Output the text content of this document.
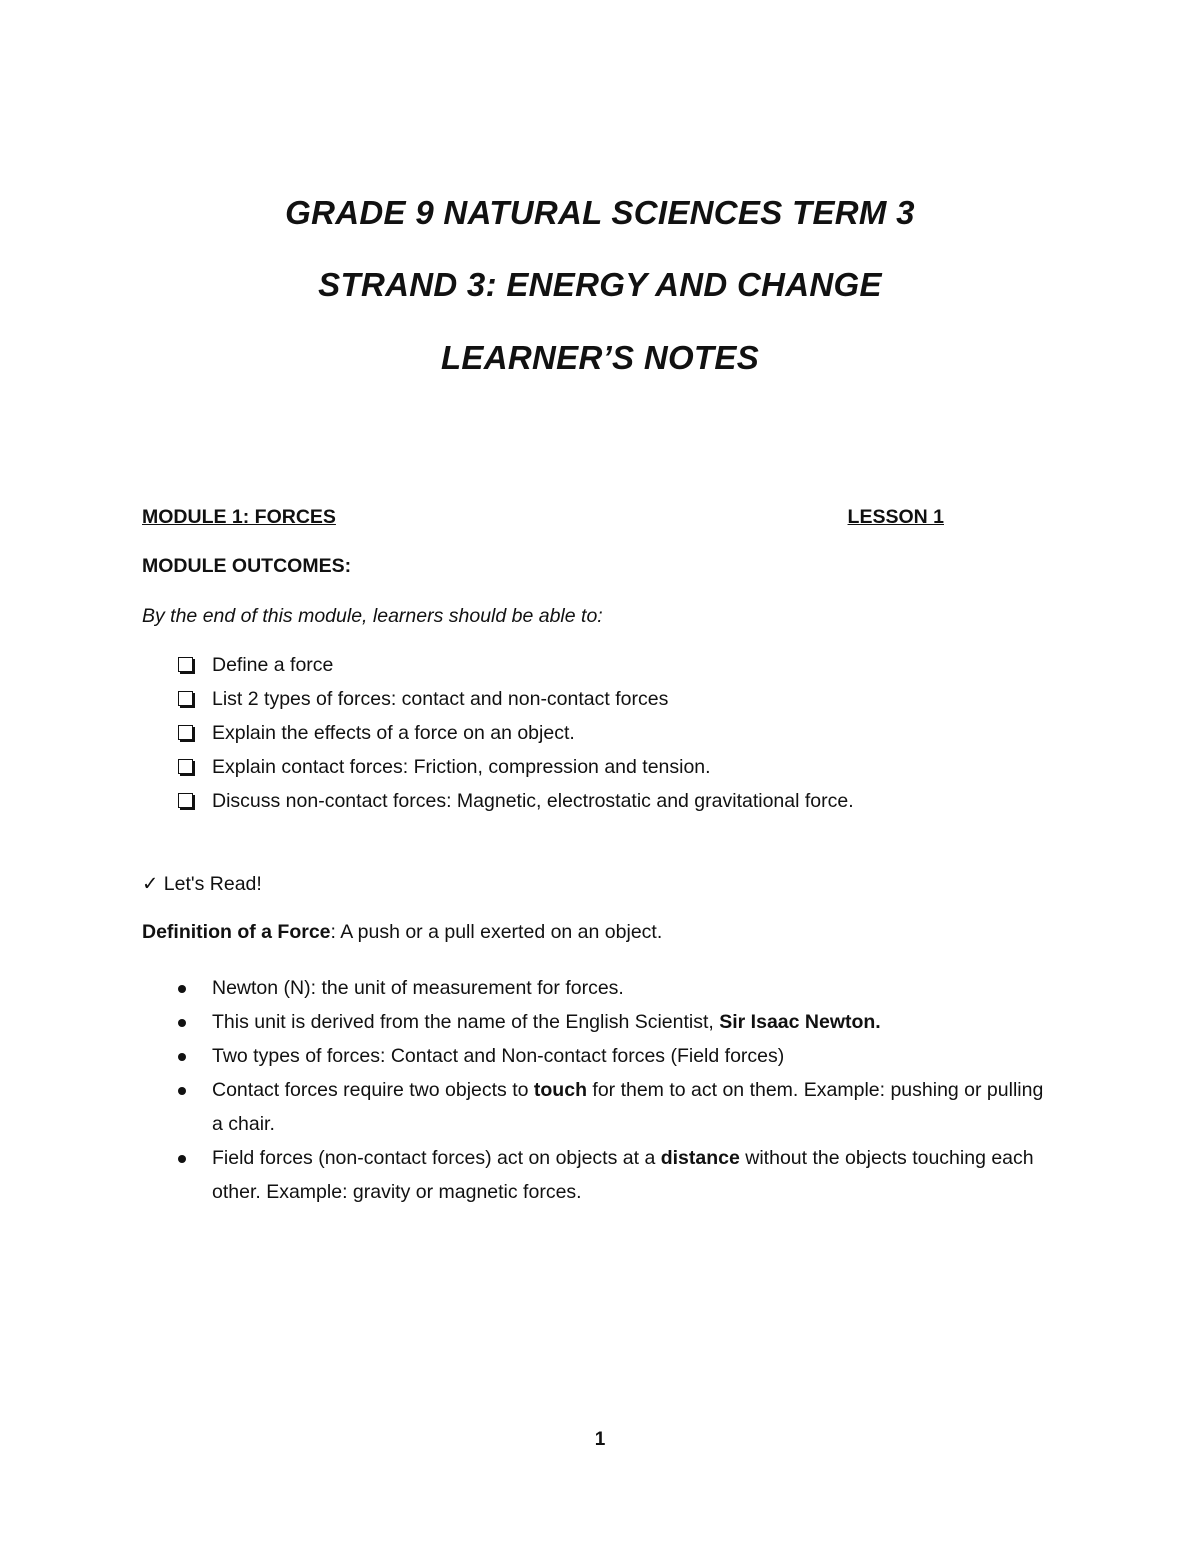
GRADE 9 NATURAL SCIENCES TERM 3
STRAND 3: ENERGY AND CHANGE
LEARNER’S NOTES
MODULE 1: FORCES	LESSON 1
MODULE OUTCOMES:
By the end of this module, learners should be able to:
Define a force
List 2 types of forces: contact and non-contact forces
Explain the effects of a force on an object.
Explain contact forces: Friction, compression and tension.
Discuss non-contact forces: Magnetic, electrostatic and gravitational force.
✓ Let's Read!
Definition of a Force: A push or a pull exerted on an object.
Newton (N): the unit of measurement for forces.
This unit is derived from the name of the English Scientist, Sir Isaac Newton.
Two types of forces: Contact and Non-contact forces (Field forces)
Contact forces require two objects to touch for them to act on them. Example: pushing or pulling a chair.
Field forces (non-contact forces) act on objects at a distance without the objects touching each other. Example: gravity or magnetic forces.
1
